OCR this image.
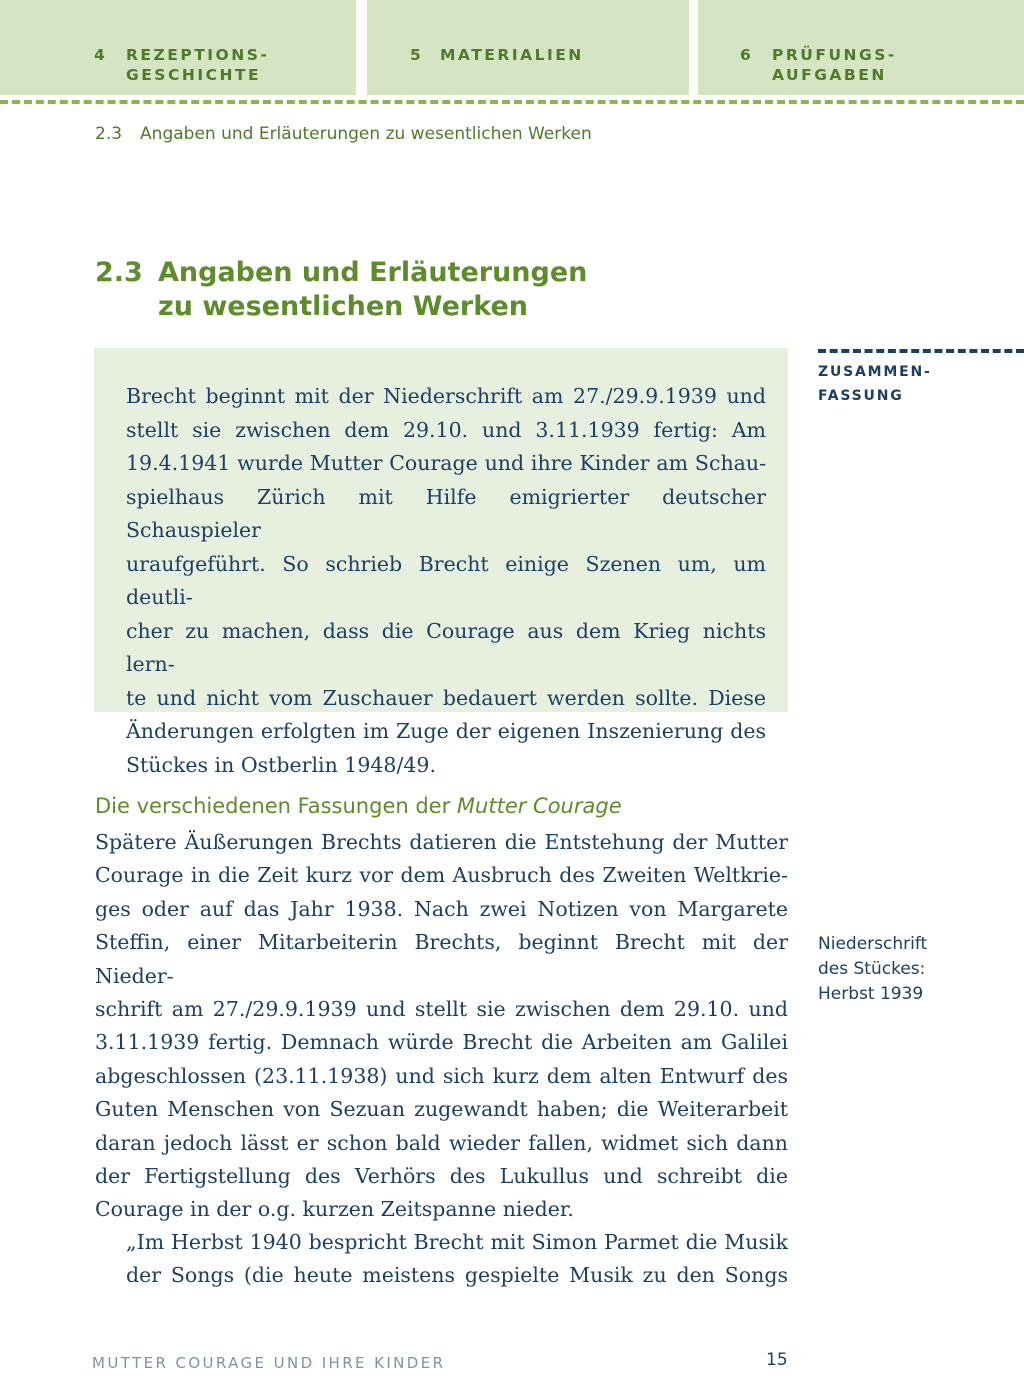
4 REZEPTIONS-
GESCHICHTE
5 MATERIALIEN	6 PRÜFUNGS-
AUFGABEN
2.3 Angaben und Erläuterungen zu wesentlichen Werken
2.3 Angaben und Erläuterungen
zu wesentlichen Werken
Brecht beginnt mit der Niederschrift am 27./29.9.1939 und
stellt sie zwischen dem 29.10. und 3.11.1939 fertig: Am
19.4.1941 wurde Mutter Courage und ihre Kinder am Schau-
spielhaus Zürich mit Hilfe emigrierter deutscher Schauspieler
uraufgeführt. So schrieb Brecht einige Szenen um, um deutli-
cher zu machen, dass die Courage aus dem Krieg nichts lern-
te und nicht vom Zuschauer bedauert werden sollte. Diese
Änderungen erfolgten im Zuge der eigenen Inszenierung des
Stückes in Ostberlin 1948/49.
ZUSAMMEN-
FASSUNG
Die verschiedenen Fassungen der Mutter Courage
Spätere Äußerungen Brechts datieren die Entstehung der Mutter
Courage in die Zeit kurz vor dem Ausbruch des Zweiten Weltkrie-
ges oder auf das Jahr 1938. Nach zwei Notizen von Margarete
Steffin, einer Mitarbeiterin Brechts, beginnt Brecht mit der Nieder-
schrift am 27./29.9.1939 und stellt sie zwischen dem 29.10. und
3.11.1939 fertig. Demnach würde Brecht die Arbeiten am Galilei
abgeschlossen (23.11.1938) und sich kurz dem alten Entwurf des
Guten Menschen von Sezuan zugewandt haben; die Weiterarbeit
daran jedoch lässt er schon bald wieder fallen, widmet sich dann
der Fertigstellung des Verhörs des Lukullus und schreibt die
Courage in der o.g. kurzen Zeitspanne nieder.
Niederschrift
des Stückes:
Herbst 1939
„Im Herbst 1940 bespricht Brecht mit Simon Parmet die Musik
der Songs (die heute meistens gespielte Musik zu den Songs
MUTTER COURAGE UND IHRE KINDER	15
